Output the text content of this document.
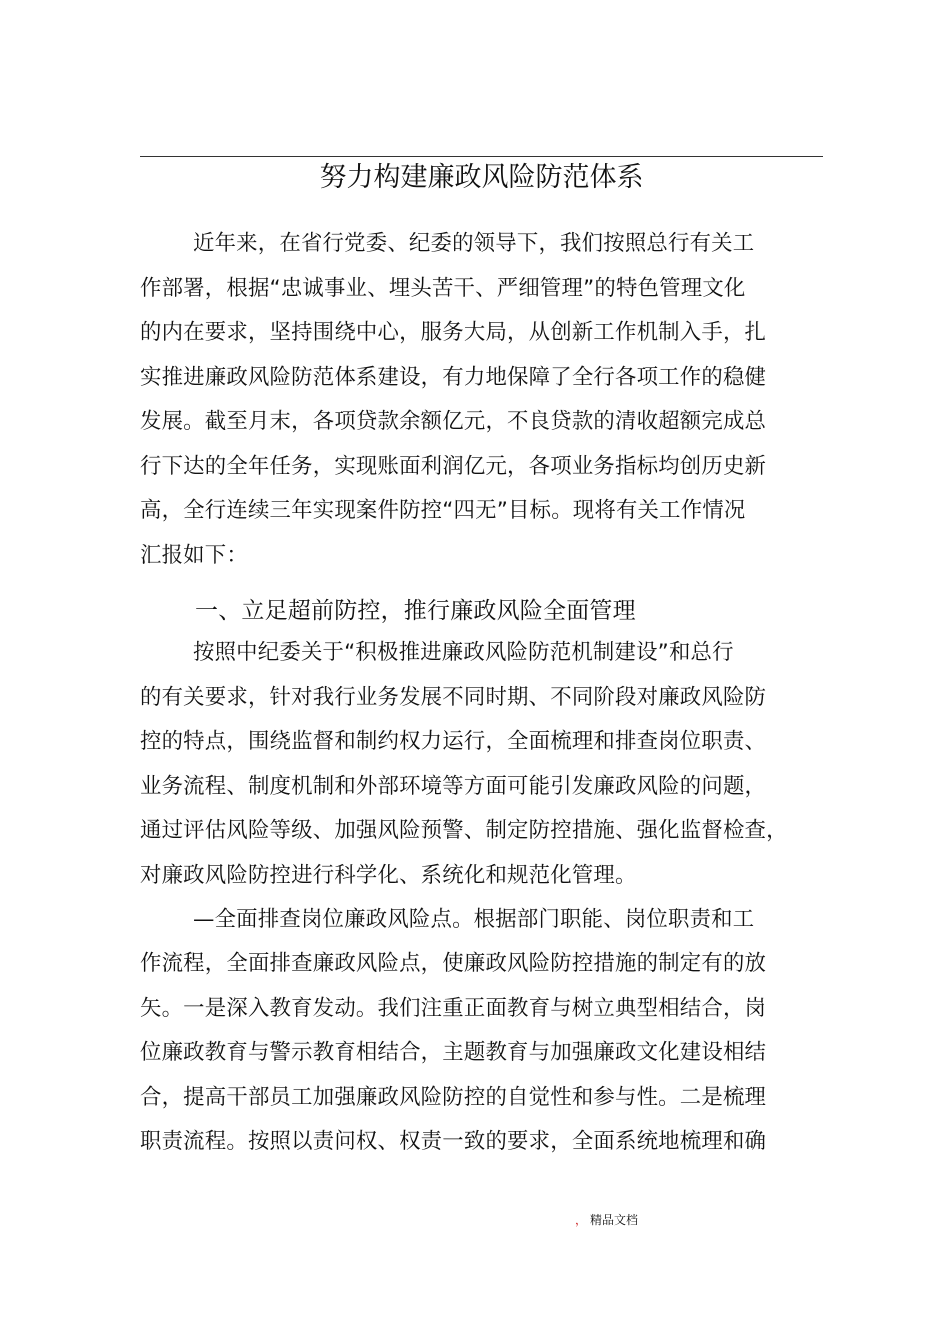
努力构建廉政风险防范体系
近年来，在省行党委、纪委的领导下，我们按照总行有关工
作部署，根据“忠诚事业、埋头苦干、严细管理”的特色管理文化
的内在要求，坚持围绕中心，服务大局，从创新工作机制入手，扎
实推进廉政风险防范体系建设，有力地保障了全行各项工作的稳健
发展。截至月末，各项贷款余额亿元，不良贷款的清收超额完成总
行下达的全年任务，实现账面利润亿元，各项业务指标均创历史新
高，全行连续三年实现案件防控“四无”目标。现将有关工作情况
汇报如下：
一、立足超前防控，推行廉政风险全面管理
按照中纪委关于“积极推进廉政风险防范机制建设”和总行
的有关要求，针对我行业务发展不同时期、不同阶段对廉政风险防
控的特点，围绕监督和制约权力运行，全面梳理和排查岗位职责、
业务流程、制度机制和外部环境等方面可能引发廉政风险的问题，
通过评估风险等级、加强风险预警、制定防控措施、强化监督检查，
对廉政风险防控进行科学化、系统化和规范化管理。
—全面排查岗位廉政风险点。根据部门职能、岗位职责和工
作流程，全面排查廉政风险点，使廉政风险防控措施的制定有的放
矢。一是深入教育发动。我们注重正面教育与树立典型相结合，岗
位廉政教育与警示教育相结合，主题教育与加强廉政文化建设相结
合，提高干部员工加强廉政风险防控的自觉性和参与性。二是梳理
职责流程。按照以责问权、权责一致的要求，全面系统地梳理和确
， 精品文档
